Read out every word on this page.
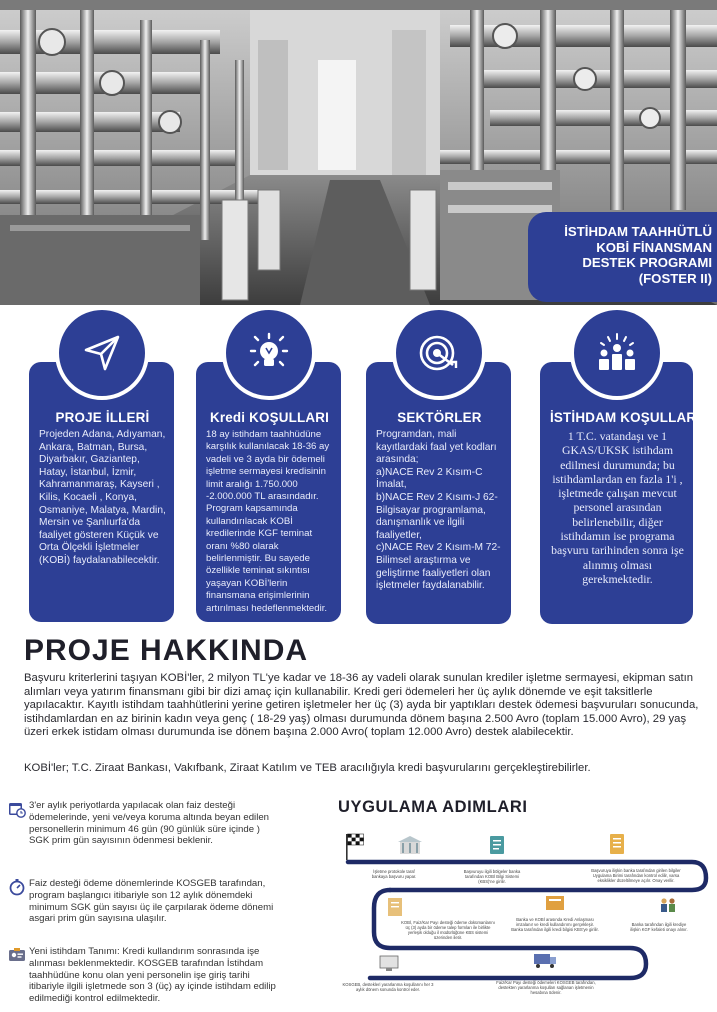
İSTİHDAM TAAHHÜTLÜ
KOBİ FİNANSMAN
DESTEK PROGRAMI
(FOSTER II)
PROJE İLLERİ
Projeden Adana, Adıyaman, Ankara, Batman, Bursa, Diyarbakır, Gaziantep, Hatay, İstanbul, İzmir, Kahramanmaraş, Kayseri , Kilis, Kocaeli , Konya, Osmaniye, Malatya, Mardin, Mersin ve Şanlıurfa'da faaliyet gösteren Küçük ve Orta Ölçekli İşletmeler (KOBİ) faydalanabilecektir.
Kredi KOŞULLARI
18 ay istihdam taahhüdüne karşılık kullanılacak 18-36 ay vadeli ve 3 ayda bir ödemeli işletme sermayesi kredisinin limit aralığı 1.750.000 -2.000.000 TL arasındadır. Program kapsamında kullandırılacak KOBİ kredilerinde KGF teminat oranı %80 olarak belirlenmiştir. Bu sayede özellikle teminat sıkıntısı yaşayan KOBİ'lerin finansmana erişimlerinin artırılması hedeflenmektedir.
SEKTÖRLER
Programdan, mali kayıtlardaki faal yet kodları arasında;
a)NACE Rev 2 Kısım-C İmalat,
b)NACE Rev 2 Kısım-J 62- Bilgisayar programlama, danışmanlık ve ilgili faaliyetler,
c)NACE Rev 2 Kısım-M 72- Bilimsel araştırma ve geliştirme faaliyetleri olan işletmeler faydalanabilir.
İSTİHDAM KOŞULLARI
1 T.C. vatandaşı ve 1 GKAS/UKSK istihdam edilmesi durumunda; bu istihdamlardan en fazla 1'i , işletmede çalışan mevcut personel arasından belirlenebilir, diğer istihdamın ise programa başvuru tarihinden sonra işe alınmış olması gerekmektedir.
PROJE HAKKINDA
Başvuru kriterlerini taşıyan KOBİ'ler, 2 milyon TL'ye kadar ve 18-36 ay vadeli olarak sunulan krediler işletme sermayesi, ekipman satın alımları veya yatırım finansmanı gibi bir dizi amaç için kullanabilir. Kredi geri ödemeleri her üç aylık dönemde ve eşit taksitlerle yapılacaktır. Kayıtlı istihdam taahhütlerini yerine getiren işletmeler her üç (3) ayda bir yaptıkları destek ödemesi başvuruları sonucunda, istihdamlardan en az birinin kadın veya genç ( 18-29 yaş) olması durumunda dönem başına 2.500 Avro (toplam 15.000 Avro), 29 yaş üzeri erkek istidam olması durumunda ise dönem başına 2.000 Avro( toplam 12.000 Avro) destek alabilecektir.
KOBİ'ler; T.C. Ziraat Bankası, Vakıfbank, Ziraat Katılım ve TEB aracılığıyla kredi başvurularını gerçekleştirebilirler.
3'er aylık periyotlarda yapılacak olan faiz desteği ödemelerinde, yeni ve/veya koruma altında beyan edilen personellerin minimum 46 gün (90 günlük süre içinde ) SGK prim gün sayısının ödenmesi beklenir.
Faiz desteği ödeme dönemlerinde KOSGEB tarafından, program başlangıcı itibariyle son 12 aylık dönemdeki minimum SGK gün sayısı üç ile çarpılarak ödeme dönemi asgari prim gün sayısına ulaşılır.
Yeni istihdam Tanımı: Kredi kullandırım sonrasında işe alınması beklenmektedir. KOSGEB tarafından İstihdam taahhüdüne konu olan yeni personelin işe giriş tarihi itibariyle ilgili işletmede son 3 (üç) ay içinde istihdam edilip edilmediği kontrol edilmektedir.
UYGULAMA ADIMLARI
İşletme protokole taraf bankaya başvuru yapar.
Başvuruyu ilgili bölgeler banka tarafından KOBİ Bilgi Sistemi (KBS)'ne girilir.
Başvuruya ilişkin banka tarafından girilen bilgiler Uygulama Birimi tarafından kontrol edilir, varsa eksiklikler düzeltilmeye açılır. Onay verilir.
Banka tarafından ilgili krediye ilişkin KGF kefaleti onayı alınır.
Banka ve KOBİ arasında Kredi Anlaşması imzalanır ve kredi kullandırımı gerçekleşir. Banka tarafından ilgili kredi bilgisi KBS'ye girilir.
KOBİ, Faiz/Kar Payı desteği ödeme dokümanlarını üç (3) ayda bir ödeme talep formları ile birlikte yerleşik olduğu il müdürlüğüne KBS sistemi üzerinden iletir.
KOSGEB, destekleri yararlanma koşullarını her 3 aylık dönem sonunda kontrol eder.
Faiz/Kar Payı desteği ödemeleri KOSGEB tarafından, destekten yararlanma koşulları sağlanan işletmenin hesabına ödenir.
